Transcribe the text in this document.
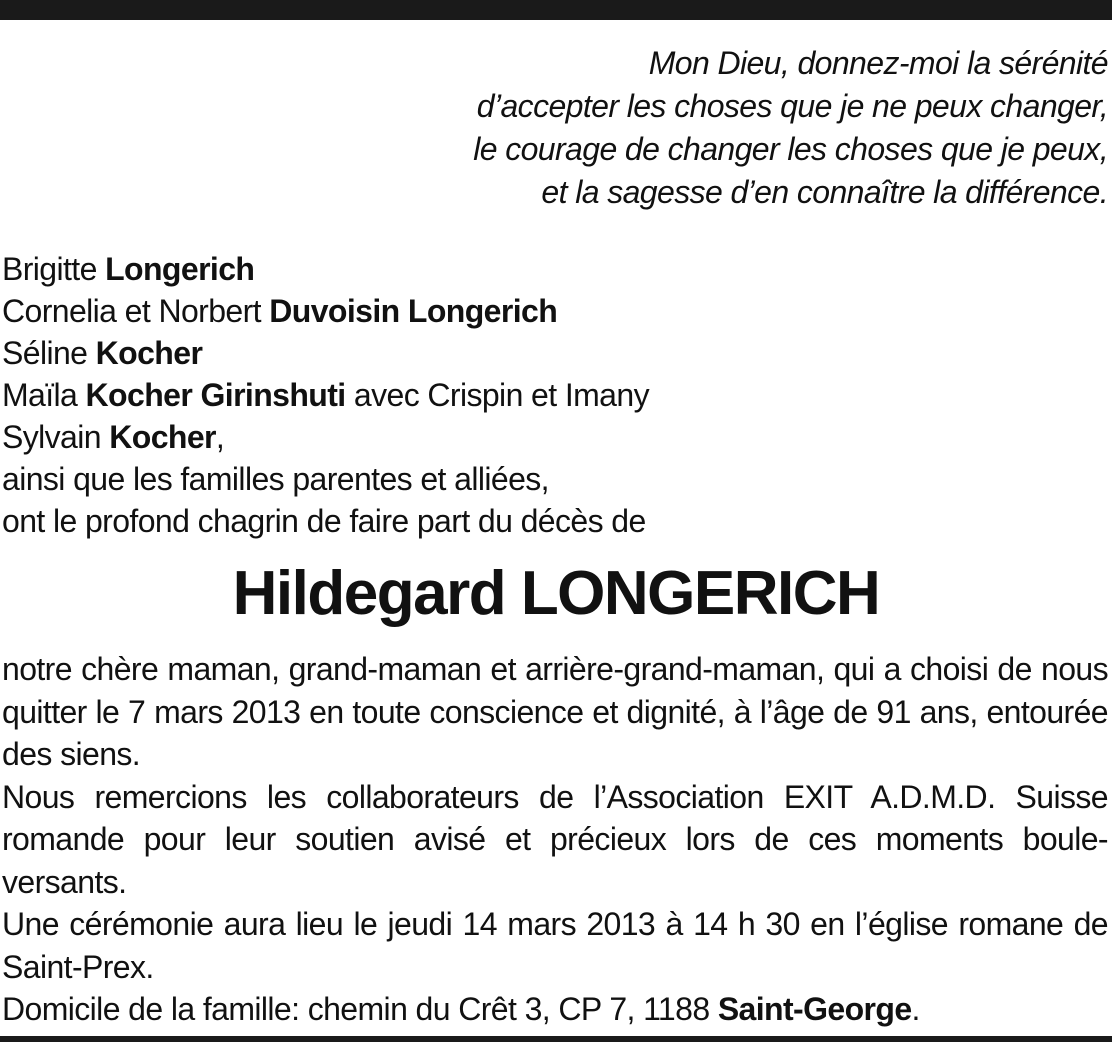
Mon Dieu, donnez-moi la sérénité
d’accepter les choses que je ne peux changer,
le courage de changer les choses que je peux,
et la sagesse d’en connaître la différence.
Brigitte Longerich
Cornelia et Norbert Duvoisin Longerich
Séline Kocher
Maïla Kocher Girinshuti avec Crispin et Imany
Sylvain Kocher,
ainsi que les familles parentes et alliées,
ont le profond chagrin de faire part du décès de
Hildegard LONGERICH

notre chère maman, grand-maman et arrière-grand-maman, qui a choisi de nous quitter le 7 mars 2013 en toute conscience et dignité, à l’âge de 91 ans, entourée des siens.

Nous remercions les collaborateurs de l’Association EXIT A.D.M.D. Suisse romande pour leur soutien avisé et précieux lors de ces moments boule-versants.

Une cérémonie aura lieu le jeudi 14 mars 2013 à 14 h 30 en l’église romane de Saint-Prex.

Domicile de la famille: chemin du Crêt 3, CP 7, 1188 Saint-George.
